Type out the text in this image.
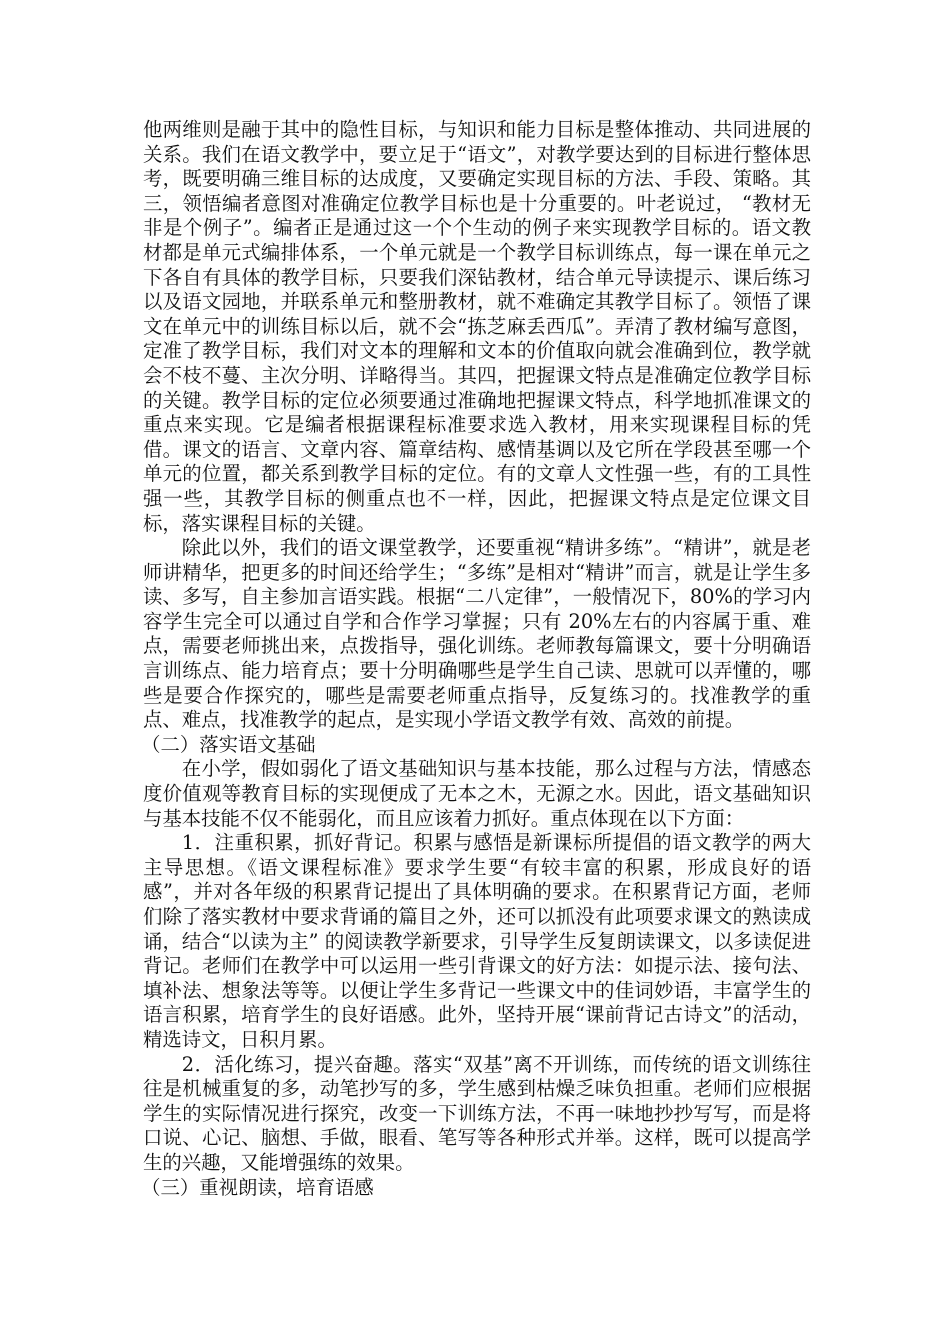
他两维则是融于其中的隐性目标，与知识和能力目标是整体推动、共同进展的关系。我们在语文教学中，要立足于“语文”，对教学要达到的目标进行整体思考，既要明确三维目标的达成度，又要确定实现目标的方法、手段、策略。其三，领悟编者意图对准确定位教学目标也是十分重要的。叶老说过， “教材无非是个例子”。编者正是通过这一个个生动的例子来实现教学目标的。语文教材都是单元式编排体系，一个单元就是一个教学目标训练点，每一课在单元之下各自有具体的教学目标，只要我们深钻教材，结合单元导读提示、课后练习以及语文园地，并联系单元和整册教材，就不难确定其教学目标了。领悟了课文在单元中的训练目标以后，就不会“拣芝麻丢西瓜”。弄清了教材编写意图，定准了教学目标，我们对文本的理解和文本的价值取向就会准确到位，教学就会不枝不蔓、主次分明、详略得当。其四，把握课文特点是准确定位教学目标的关键。教学目标的定位必须要通过准确地把握课文特点，科学地抓准课文的重点来实现。它是编者根据课程标准要求选入教材，用来实现课程目标的凭借。课文的语言、文章内容、篇章结构、感情基调以及它所在学段甚至哪一个单元的位置，都关系到教学目标的定位。有的文章人文性强一些，有的工具性强一些，其教学目标的侧重点也不一样，因此，把握课文特点是定位课文目标，落实课程目标的关键。

除此以外，我们的语文课堂教学，还要重视“精讲多练”。“精讲”，就是老师讲精华，把更多的时间还给学生；“多练”是相对“精讲”而言，就是让学生多读、多写，自主参加言语实践。根据“二八定律”，一般情况下，80%的学习内容学生完全可以通过自学和合作学习掌握；只有 20%左右的内容属于重、难点，需要老师挑出来，点拨指导，强化训练。老师教每篇课文，要十分明确语言训练点、能力培育点；要十分明确哪些是学生自己读、思就可以弄懂的，哪些是要合作探究的，哪些是需要老师重点指导，反复练习的。找准教学的重点、难点，找准教学的起点，是实现小学语文教学有效、高效的前提。

（二）落实语文基础

在小学，假如弱化了语文基础知识与基本技能，那么过程与方法，情感态度价值观等教育目标的实现便成了无本之木，无源之水。因此，语文基础知识与基本技能不仅不能弱化，而且应该着力抓好。重点体现在以下方面：

1．注重积累，抓好背记。积累与感悟是新课标所提倡的语文教学的两大主导思想。《语文课程标准》要求学生要“有较丰富的积累，形成良好的语感”，并对各年级的积累背记提出了具体明确的要求。在积累背记方面，老师们除了落实教材中要求背诵的篇目之外，还可以抓没有此项要求课文的熟读成诵，结合“以读为主” 的阅读教学新要求，引导学生反复朗读课文，以多读促进背记。老师们在教学中可以运用一些引背课文的好方法：如提示法、接句法、填补法、想象法等等。以便让学生多背记一些课文中的佳词妙语，丰富学生的语言积累，培育学生的良好语感。此外，坚持开展“课前背记古诗文”的活动，精选诗文，日积月累。

2．活化练习，提兴奋趣。落实“双基”离不开训练，而传统的语文训练往往是机械重复的多，动笔抄写的多，学生感到枯燥乏味负担重。老师们应根据学生的实际情况进行探究，改变一下训练方法，不再一味地抄抄写写，而是将口说、心记、脑想、手做，眼看、笔写等各种形式并举。这样，既可以提高学生的兴趣，又能增强练的效果。

（三）重视朗读，培育语感
